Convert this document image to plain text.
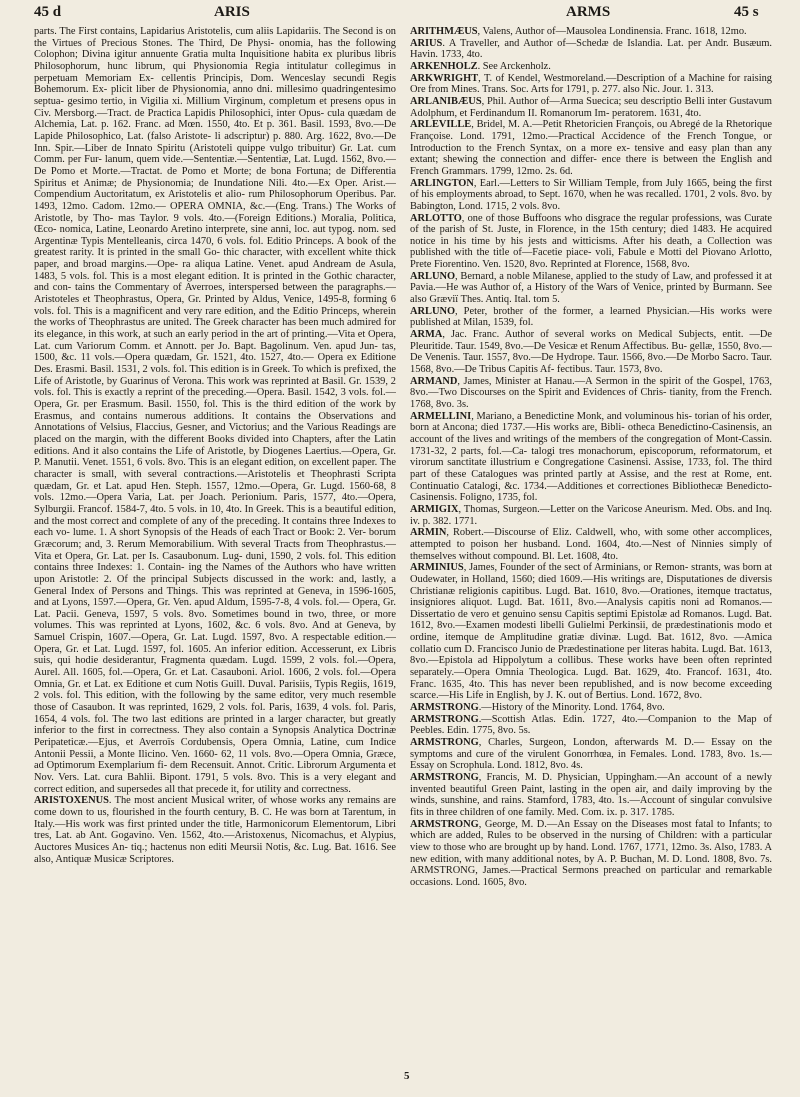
45 d	ARIS	ARMS	45 s

parts. The First contains, Lapidarius Aristotelis, cum aliis Lapidariis. The Second is on the Virtues of Precious Stones. The Third, De Physi- onomia, has the following Colophon; Divina igitur annuente Gratia multa Inquisitione habita ex pluribus libris Philosophorum, hunc librum, qui Physionomia Regia intitulatur collegimus in perpetuam Memoriam Ex- cellentis Principis, Dom. Wenceslay secundi Regis Bohemorum. Ex- plicit liber de Physionomia, anno dni. millesimo quadringentesimo septua- gesimo tertio, in Vigilia xi. Millium Virginum, completum et presens opus in Civ. Mersborg.—Tract. de Practica Lapidis Philosophici, inter Opus- cula quædam de Alchemia, Lat. p. 162. Franc. ad Mœn. 1550, 4to. Et p. 361. Basil. 1593, 8vo.—De Lapide Philosophico, Lat. (falso Aristote- li adscriptur) p. 880. Arg. 1622, 8vo.—De Inn. Spir.—Liber de Innato Spiritu (Aristoteli quippe vulgo tribuitur) Gr. Lat. cum Comm. per Fur- lanum, quem vide.—Sententiæ.—Sententiæ, Lat. Lugd. 1562, 8vo.— De Pomo et Morte.—Tractat. de Pomo et Morte; de bona Fortuna; de Differentia Spiritus et Animæ; de Physionomia; de Inundatione Nili. 4to.—Ex Oper. Arist.—Compendium Auctoritatum, ex Aristotelis et alio- rum Philosophorum Operibus. Par. 1493, 12mo. Cadom. 12mo.— OPERA OMNIA, &c.—(Eng. Trans.) The Works of Aristotle, by Tho- mas Taylor. 9 vols. 4to.—(Foreign Editions.) Moralia, Politica, Œco- nomica, Latine, Leonardo Aretino interprete, sine anni, loc. aut typog. nom. sed Argentinæ Typis Mentelleanis, circa 1470, 6 vols. fol. Editio Princeps. A book of the greatest rarity. It is printed in the small Go- thic character, with excellent white thick paper, and broad margins.—Ope- ra aliqua Latine. Venet. apud Andream de Asula, 1483, 5 vols. fol. This is a most elegant edition. It is printed in the Gothic character, and con- tains the Commentary of Averroes, interspersed between the paragraphs.— Aristoteles et Theophrastus, Opera, Gr. Printed by Aldus, Venice, 1495-8, forming 6 vols. fol. This is a magnificent and very rare edition, and the Editio Princeps, wherein the works of Theophrastus are united. The Greek character has been much admired for its elegance, in this work, at such an early period in the art of printing.—Vita et Opera, Lat. cum Variorum Comm. et Annott. per Jo. Bapt. Bagolinum. Ven. apud Jun- tas, 1500, &c. 11 vols.—Opera quædam, Gr. 1521, 4to. 1527, 4to.— Opera ex Editione Des. Erasmi. Basil. 1531, 2 vols. fol. This edition is in Greek. To which is prefixed, the Life of Aristotle, by Guarinus of Verona. This work was reprinted at Basil. Gr. 1539, 2 vols. fol. This is exactly a reprint of the preceding.—Opera. Basil. 1542, 3 vols. fol.— Opera, Gr. per Erasmum. Basil. 1550, fol. This is the third edition of the work by Erasmus, and contains numerous additions. It contains the Observations and Annotations of Velsius, Flaccius, Gesner, and Victorius; and the Various Readings are placed on the margin, with the different Books divided into Chapters, after the Latin editions. And it also contains the Life of Aristotle, by Diogenes Laertius.—Opera, Gr. P. Manutii. Venet. 1551, 6 vols. 8vo. This is an elegant edition, on excellent paper. The character is small, with several contractions.—Aristotelis et Theophrasti Scripta quædam, Gr. et Lat. apud Hen. Steph. 1557, 12mo.—Opera, Gr. Lugd. 1560-68, 8 vols. 12mo.—Opera Varia, Lat. per Joach. Perionium. Paris, 1577, 4to.—Opera, Sylburgii. Francof. 1584-7, 4to. 5 vols. in 10, 4to. In Greek. This is a beautiful edition, and the most correct and complete of any of the preceding. It contains three Indexes to each vo- lume. 1. A short Synopsis of the Heads of each Tract or Book: 2. Ver- borum Græcorum; and, 3. Rerum Memorabilium. With several Tracts from Theophrastus.—Vita et Opera, Gr. Lat. per Is. Casaubonum. Lug- duni, 1590, 2 vols. fol. This edition contains three Indexes: 1. Contain- ing the Names of the Authors who have written upon Aristotle: 2. Of the principal Subjects discussed in the work: and, lastly, a General Index of Persons and Things. This was reprinted at Geneva, in 1596-1605, and at Lyons, 1597.—Opera, Gr. Ven. apud Aldum, 1595-7-8, 4 vols. fol.— Opera, Gr. Lat. Pacii. Geneva, 1597, 5 vols. 8vo. Sometimes bound in two, three, or more volumes. This was reprinted at Lyons, 1602, &c. 6 vols. 8vo. And at Geneva, by Samuel Crispin, 1607.—Opera, Gr. Lat. Lugd. 1597, 8vo. A respectable edition.—Opera, Gr. et Lat. Lugd. 1597, fol. 1605. An inferior edition. Accesserunt, ex Libris suis, qui hodie desiderantur, Fragmenta quædam. Lugd. 1599, 2 vols. fol.—Opera, Aurel. All. 1605, fol.—Opera, Gr. et Lat. Casauboni. Ariol. 1606, 2 vols. fol.—Opera Omnia, Gr. et Lat. ex Editione et cum Notis Guill. Duval. Parisiis, Typis Regiis, 1619, 2 vols. fol. This edition, with the following by the same editor, very much resemble those of Casaubon. It was reprinted, 1629, 2 vols. fol. Paris, 1639, 4 vols. fol. Paris, 1654, 4 vols. fol. The two last editions are printed in a larger character, but greatly inferior to the first in correctness. They also contain a Synopsis Analytica Doctrinæ Peripateticæ.—Ejus, et Averroïs Cordubensis, Opera Omnia, Latine, cum Indice Antonii Pessii, a Monte Ilicino. Ven. 1660- 62, 11 vols. 8vo.—Opera Omnia, Græce, ad Optimorum Exemplarium fi- dem Recensuit. Annot. Critic. Librorum Argumenta et Nov. Vers. Lat. cura Bahlii. Bipont. 1791, 5 vols. 8vo. This is a very elegant and correct edition, and supersedes all that precede it, for utility and correctness.

ARISTOXENUS. The most ancient Musical writer, of whose works any remains are come down to us, flourished in the fourth century, B. C. He was born at Tarentum, in Italy.—His work was first printed under the title, Harmonicorum Elementorum, Libri tres, Lat. ab Ant. Gogavino. Ven. 1562, 4to.—Aristoxenus, Nicomachus, et Alypius, Auctores Musices An- tiq.; hactenus non editi Meursii Notis, &c. Lug. Bat. 1616. See also, Antiquæ Musicæ Scriptores.

ARITHMÆUS, Valens, Author of—Mausolea Londinensia. Franc. 1618, 12mo.

ARIUS. A Traveller, and Author of—Schedæ de Islandia. Lat. per Andr. Busæum. Havin. 1733, 4to.

ARKENHOLZ. See Arckenholz.

ARKWRIGHT, T. of Kendel, Westmoreland.—Description of a Machine for raising Ore from Mines. Trans. Soc. Arts for 1791, p. 277. also Nic. Jour. 1. 313.

ARLANIBÆUS, Phil. Author of—Arma Suecica; seu descriptio Belli inter Gustavum Adolphum, et Ferdinandum II. Romanorum Im- peratorem. 1631, 4to.

ARLEVILLE, Bridel, M. A.—Petit Rhetoricien François, ou Abregé de la Rhetorique Françoise. Lond. 1791, 12mo.—Practical Accidence of the French Tongue, or Introduction to the French Syntax, on a more ex- tensive and easy plan than any extant; shewing the connection and differ- ence there is between the English and French Grammars. 1799, 12mo. 2s. 6d.

ARLINGTON, Earl.—Letters to Sir William Temple, from July 1665, being the first of his employments abroad, to Sept. 1670, when he was recalled. 1701, 2 vols. 8vo. by Babington, Lond. 1715, 2 vols. 8vo.

ARLOTTO, one of those Buffoons who disgrace the regular professions, was Curate of the parish of St. Juste, in Florence, in the 15th century; died 1483. He acquired notice in his time by his jests and witticisms. After his death, a Collection was published with the title of—Facetie piace- voli, Fabule e Motti del Piovano Arlotto, Prete Fiorentino. Ven. 1520, 8vo. Reprinted at Florence, 1568, 8vo.

ARLUNO, Bernard, a noble Milanese, applied to the study of Law, and professed it at Pavia.—He was Author of, a History of the Wars of Venice, printed by Burmann. See also Græviï Thes. Antiq. Ital. tom 5.

ARLUNO, Peter, brother of the former, a learned Physician.—His works were published at Milan, 1539, fol.

ARMA, Jac. Franc. Author of several works on Medical Subjects, entit. —De Pleuritide. Taur. 1549, 8vo.—De Vesicæ et Renum Affectibus. Bu- gellæ, 1550, 8vo.—De Venenis. Taur. 1557, 8vo.—De Hydrope. Taur. 1566, 8vo.—De Morbo Sacro. Taur. 1568, 8vo.—De Tribus Capitis Af- fectibus. Taur. 1573, 8vo.

ARMAND, James, Minister at Hanau.—A Sermon in the spirit of the Gospel, 1763, 8vo.—Two Discourses on the Spirit and Evidences of Chris- tianity, from the French. 1768, 8vo. 3s.

ARMELLINI, Mariano, a Benedictine Monk, and voluminous his- torian of his order, born at Ancona; died 1737.—His works are, Bibli- otheca Benedictino-Casinensis, an account of the lives and writings of the members of the congregation of Mont-Cassin. 1731-32, 2 parts, fol.—Ca- talogi tres monachorum, episcoporum, reformatorum, et virorum sanctitate illustrium e Congregatione Casinensi. Assise, 1733, fol. The third part of these Catalogues was printed partly at Assise, and the rest at Rome, ent. Continuatio Catalogi, &c. 1734.—Additiones et correctiones Bibliothecæ Benedicto-Casinensis. Foligno, 1735, fol.

ARMIGIX, Thomas, Surgeon.—Letter on the Varicose Aneurism. Med. Obs. and Inq. iv. p. 382. 1771.

ARMIN, Robert.—Discourse of Eliz. Caldwell, who, with some other accomplices, attempted to poison her husband. Lond. 1604, 4to.—Nest of Ninnies simply of themselves without compound. Bl. Let. 1608, 4to.

ARMINIUS, James, Founder of the sect of Arminians, or Remon- strants, was born at Oudewater, in Holland, 1560; died 1609.—His writings are, Disputationes de diversis Christianæ religionis capitibus. Lugd. Bat. 1610, 8vo.—Orationes, itemque tractatus, insigniores aliquot. Lugd. Bat. 1611, 8vo.—Analysis capitis noni ad Romanos.—Dissertatio de vero et genuino sensu Capitis septimi Epistolæ ad Romanos. Lugd. Bat. 1612, 8vo.—Examen modesti libelli Gulielmi Perkinsii, de prædestinationis modo et ordine, itemque de Amplitudine gratiæ divinæ. Lugd. Bat. 1612, 8vo. —Amica collatio cum D. Francisco Junio de Prædestinatione per literas habita. Lugd. Bat. 1613, 8vo.—Epistola ad Hippolytum a collibus. These works have been often reprinted separately.—Opera Omnia Theologica. Lugd. Bat. 1629, 4to. Francof. 1631, 4to. Franc. 1635, 4to. This has never been republished, and is now become exceeding scarce.—His Life in English, by J. K. out of Bertius. Lond. 1672, 8vo.

ARMSTRONG.—History of the Minority. Lond. 1764, 8vo.

ARMSTRONG.—Scottish Atlas. Edin. 1727, 4to.—Companion to the Map of Peebles. Edin. 1775, 8vo. 5s.

ARMSTRONG, Charles, Surgeon, London, afterwards M. D.— Essay on the symptoms and cure of the virulent Gonorrhœa, in Females. Lond. 1783, 8vo. 1s.—Essay on Scrophula. Lond. 1812, 8vo. 4s.

ARMSTRONG, Francis, M. D. Physician, Uppingham.—An account of a newly invented beautiful Green Paint, lasting in the open air, and daily improving by the winds, sunshine, and rains. Stamford, 1783, 4to. 1s.—Account of singular convulsive fits in three children of one family. Med. Com. ix. p. 317. 1785.

ARMSTRONG, George, M. D.—An Essay on the Diseases most fatal to Infants; to which are added, Rules to be observed in the nursing of Children: with a particular view to those who are brought up by hand. Lond. 1767, 1771, 12mo. 3s. Also, 1783. A new edition, with many additional notes, by A. P. Buchan, M. D. Lond. 1808, 8vo. 7s. ARMSTRONG, James.—Practical Sermons preached on particular and remarkable occasions. Lond. 1605, 8vo.

5
